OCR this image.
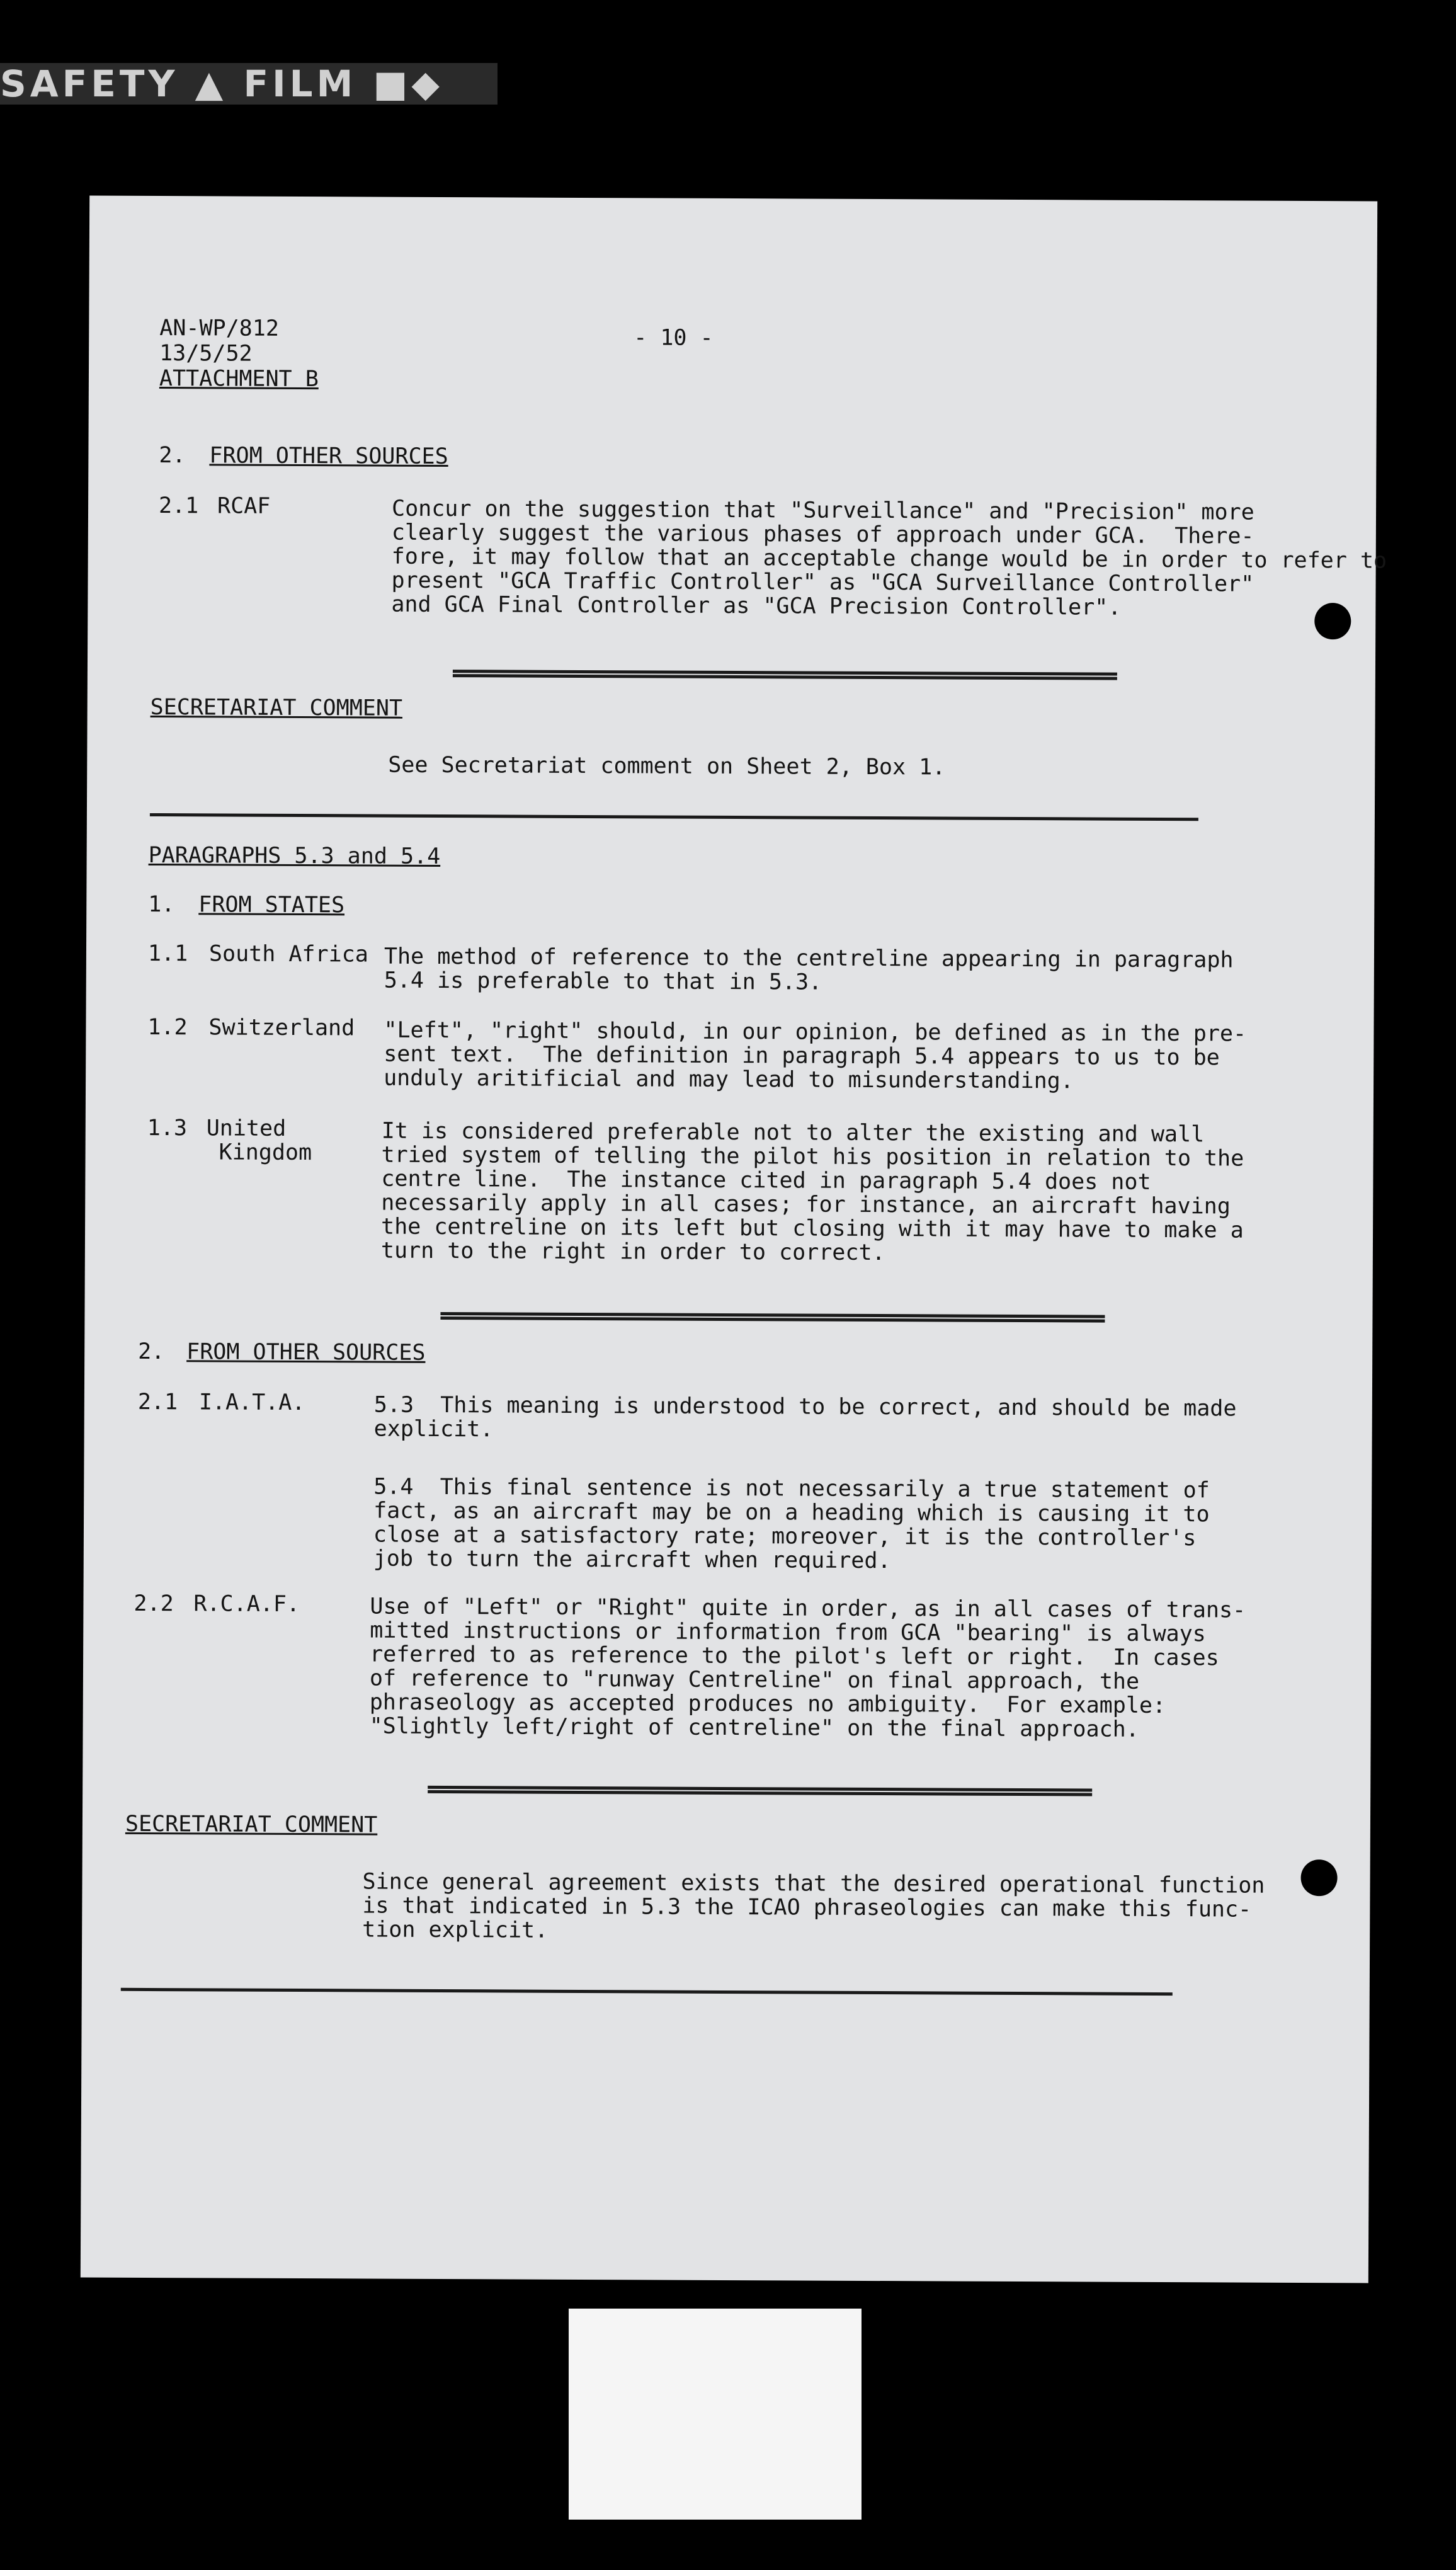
SAFETY ▲ FILM ■◆
AN-WP/812
13/5/52
ATTACHMENT B
- 10 -
2. FROM OTHER SOURCES
2.1 RCAF	Concur on the suggestion that "Surveillance" and "Precision" more
clearly suggest the various phases of approach under GCA.  There-
fore, it may follow that an acceptable change would be in order to refer to
present "GCA Traffic Controller" as "GCA Surveillance Controller"
and GCA Final Controller as "GCA Precision Controller".
SECRETARIAT COMMENT
See Secretariat comment on Sheet 2, Box 1.
PARAGRAPHS 5.3 and 5.4
1. FROM STATES
1.1 South Africa The method of reference to the centreline appearing in paragraph
5.4 is preferable to that in 5.3.
1.2 Switzerland "Left", "right" should, in our opinion, be defined as in the pre-
sent text.  The definition in paragraph 5.4 appears to us to be
unduly aritificial and may lead to misunderstanding.
1.3 United
Kingdom
It is considered preferable not to alter the existing and wall
tried system of telling the pilot his position in relation to the
centre line.  The instance cited in paragraph 5.4 does not
necessarily apply in all cases; for instance, an aircraft having
the centreline on its left but closing with it may have to make a
turn to the right in order to correct.
2. FROM OTHER SOURCES
2.1 I.A.T.A.	5.3  This meaning is understood to be correct, and should be made
explicit.
5.4  This final sentence is not necessarily a true statement of
fact, as an aircraft may be on a heading which is causing it to
close at a satisfactory rate; moreover, it is the controller's
job to turn the aircraft when required.
2.2 R.C.A.F.	Use of "Left" or "Right" quite in order, as in all cases of trans-
mitted instructions or information from GCA "bearing" is always
referred to as reference to the pilot's left or right.  In cases
of reference to "runway Centreline" on final approach, the
phraseology as accepted produces no ambiguity.  For example:
"Slightly left/right of centreline" on the final approach.
SECRETARIAT COMMENT
Since general agreement exists that the desired operational function
is that indicated in 5.3 the ICAO phraseologies can make this func-
tion explicit.
